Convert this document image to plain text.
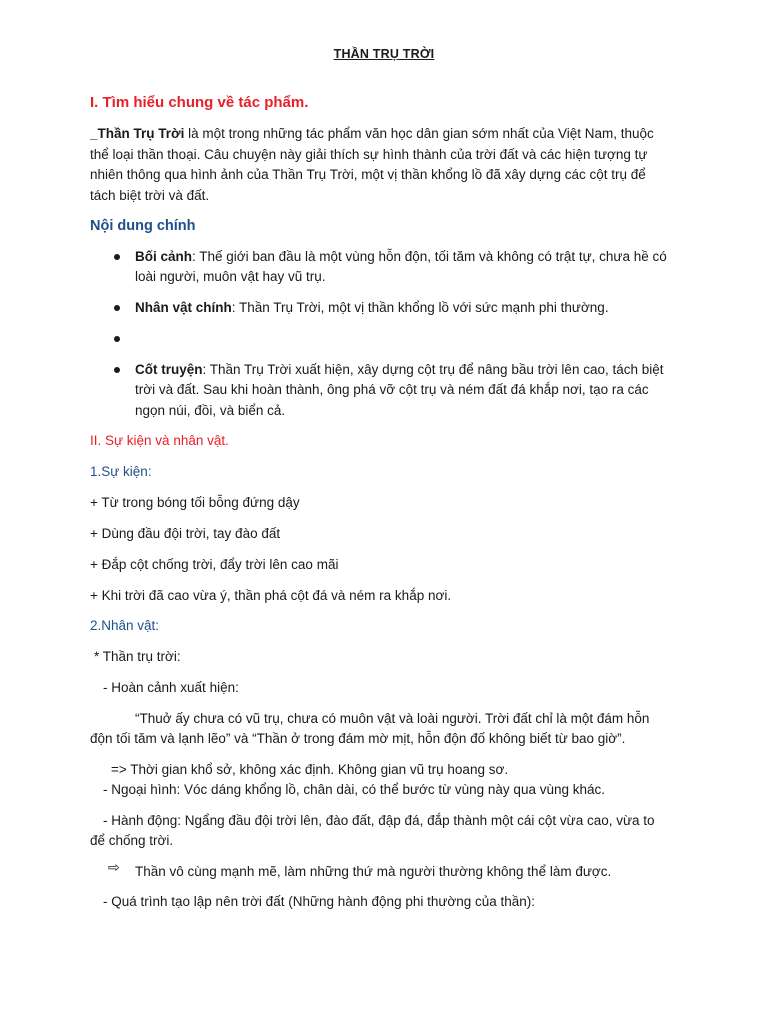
THẦN TRỤ TRỜI
I. Tìm hiểu chung về tác phẩm.
_Thần Trụ Trời là một trong những tác phẩm văn học dân gian sớm nhất của Việt Nam, thuộc
thể loại thần thoại. Câu chuyện này giải thích sự hình thành của trời đất và các hiện tượng tự
nhiên thông qua hình ảnh của Thần Trụ Trời, một vị thần khổng lồ đã xây dựng các cột trụ để
tách biệt trời và đất.
Nội dung chính
Bối cảnh: Thế giới ban đầu là một vùng hỗn độn, tối tăm và không có trật tự, chưa hề có
loài người, muôn vật hay vũ trụ.
Nhân vật chính: Thần Trụ Trời, một vị thần khổng lồ với sức mạnh phi thường.
Cốt truyện: Thần Trụ Trời xuất hiện, xây dựng cột trụ để nâng bầu trời lên cao, tách biệt
trời và đất. Sau khi hoàn thành, ông phá vỡ cột trụ và ném đất đá khắp nơi, tạo ra các
ngọn núi, đồi, và biển cả.
II. Sự kiện và nhân vật.
1.Sự kiện:
+ Từ trong bóng tối bỗng đứng dậy
+ Dùng đầu đội trời, tay đào đất
+ Đắp cột chống trời, đẩy trời lên cao mãi
+ Khi trời đã cao vừa ý, thần phá cột đá và ném ra khắp nơi.
2.Nhân vật:
* Thần trụ trời:
- Hoàn cảnh xuất hiện:
“Thuở ấy chưa có vũ trụ, chưa có muôn vật và loài người. Trời đất chỉ là một đám hỗn
độn tối tăm và lạnh lẽo” và “Thần ở trong đám mờ mịt, hỗn độn đố không biết từ bao giờ”.
=> Thời gian khổ sở, không xác định. Không gian vũ trụ hoang sơ.
- Ngoại hình: Vóc dáng khổng lồ, chân dài, có thể bước từ vùng này qua vùng khác.
- Hành động: Ngẩng đầu đội trời lên, đào đất, đập đá, đắp thành một cái cột vừa cao, vừa to
để chống trời.
⇨ Thần vô cùng mạnh mẽ, làm những thứ mà người thường không thể làm được.
- Quá trình tạo lập nên trời đất (Những hành động phi thường của thần):
